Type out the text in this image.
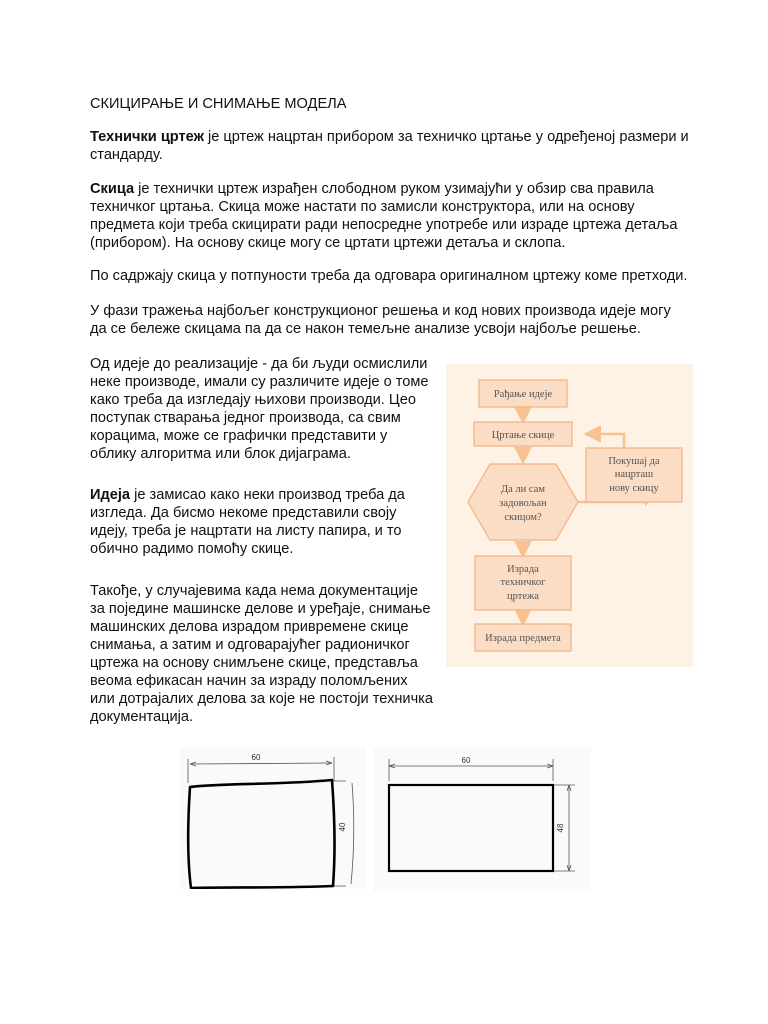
СКИЦИРАЊЕ И СНИМАЊЕ МОДЕЛА

Технички цртеж је цртеж нацртан прибором за техничко цртање у одређеној размери и стандарду.

Скица је технички цртеж израђен слободном руком узимајући у обзир сва правила техничког цртања. Скица може настати по замисли конструктора, или на основу предмета који треба скицирати ради непосредне употребе или израде цртежа детаља (прибором). На основу скице могу се цртати цртежи детаља и склопа.

По садржају скица у потпуности треба да одговара оригиналном цртежу коме претходи.

У фази тражења најбољег конструкционог решења и код нових производа идеје могу да се бележе скицама па да се након темељне анализе усвоји најбоље решење.

Од идеје до реализације - да би људи осмислили неке производе, имали су различите идеје о томе како треба да изгледају њихови производи. Цео поступак стварања једног производа, са свим корацима, може се графички представити у облику алгоритма или блок дијаграма.

Идеја је замисао како неки производ треба да изгледа. Да бисмо некоме представили своју идеју, треба је нацртати на листу папира, и то обично радимо помоћу скице.

Такође, у случајевима када нема документације за поједине машинске делове и уређаје, снимање машинских делова израдом привремене скице снимања, а затим и одговарајућег радионичког цртежа на основу снимљене скице, представља веома ефикасан начин за израду поломљених или дотрајалих делова за које не постоји техничка документација.

Рађање идеје
Цртање скице
Да ли сам
задовољан
скицом?
Покушај да
нацрташ
нову скицу
Израда
техничког
цртежа
Израда предмета
60
40
60
48
